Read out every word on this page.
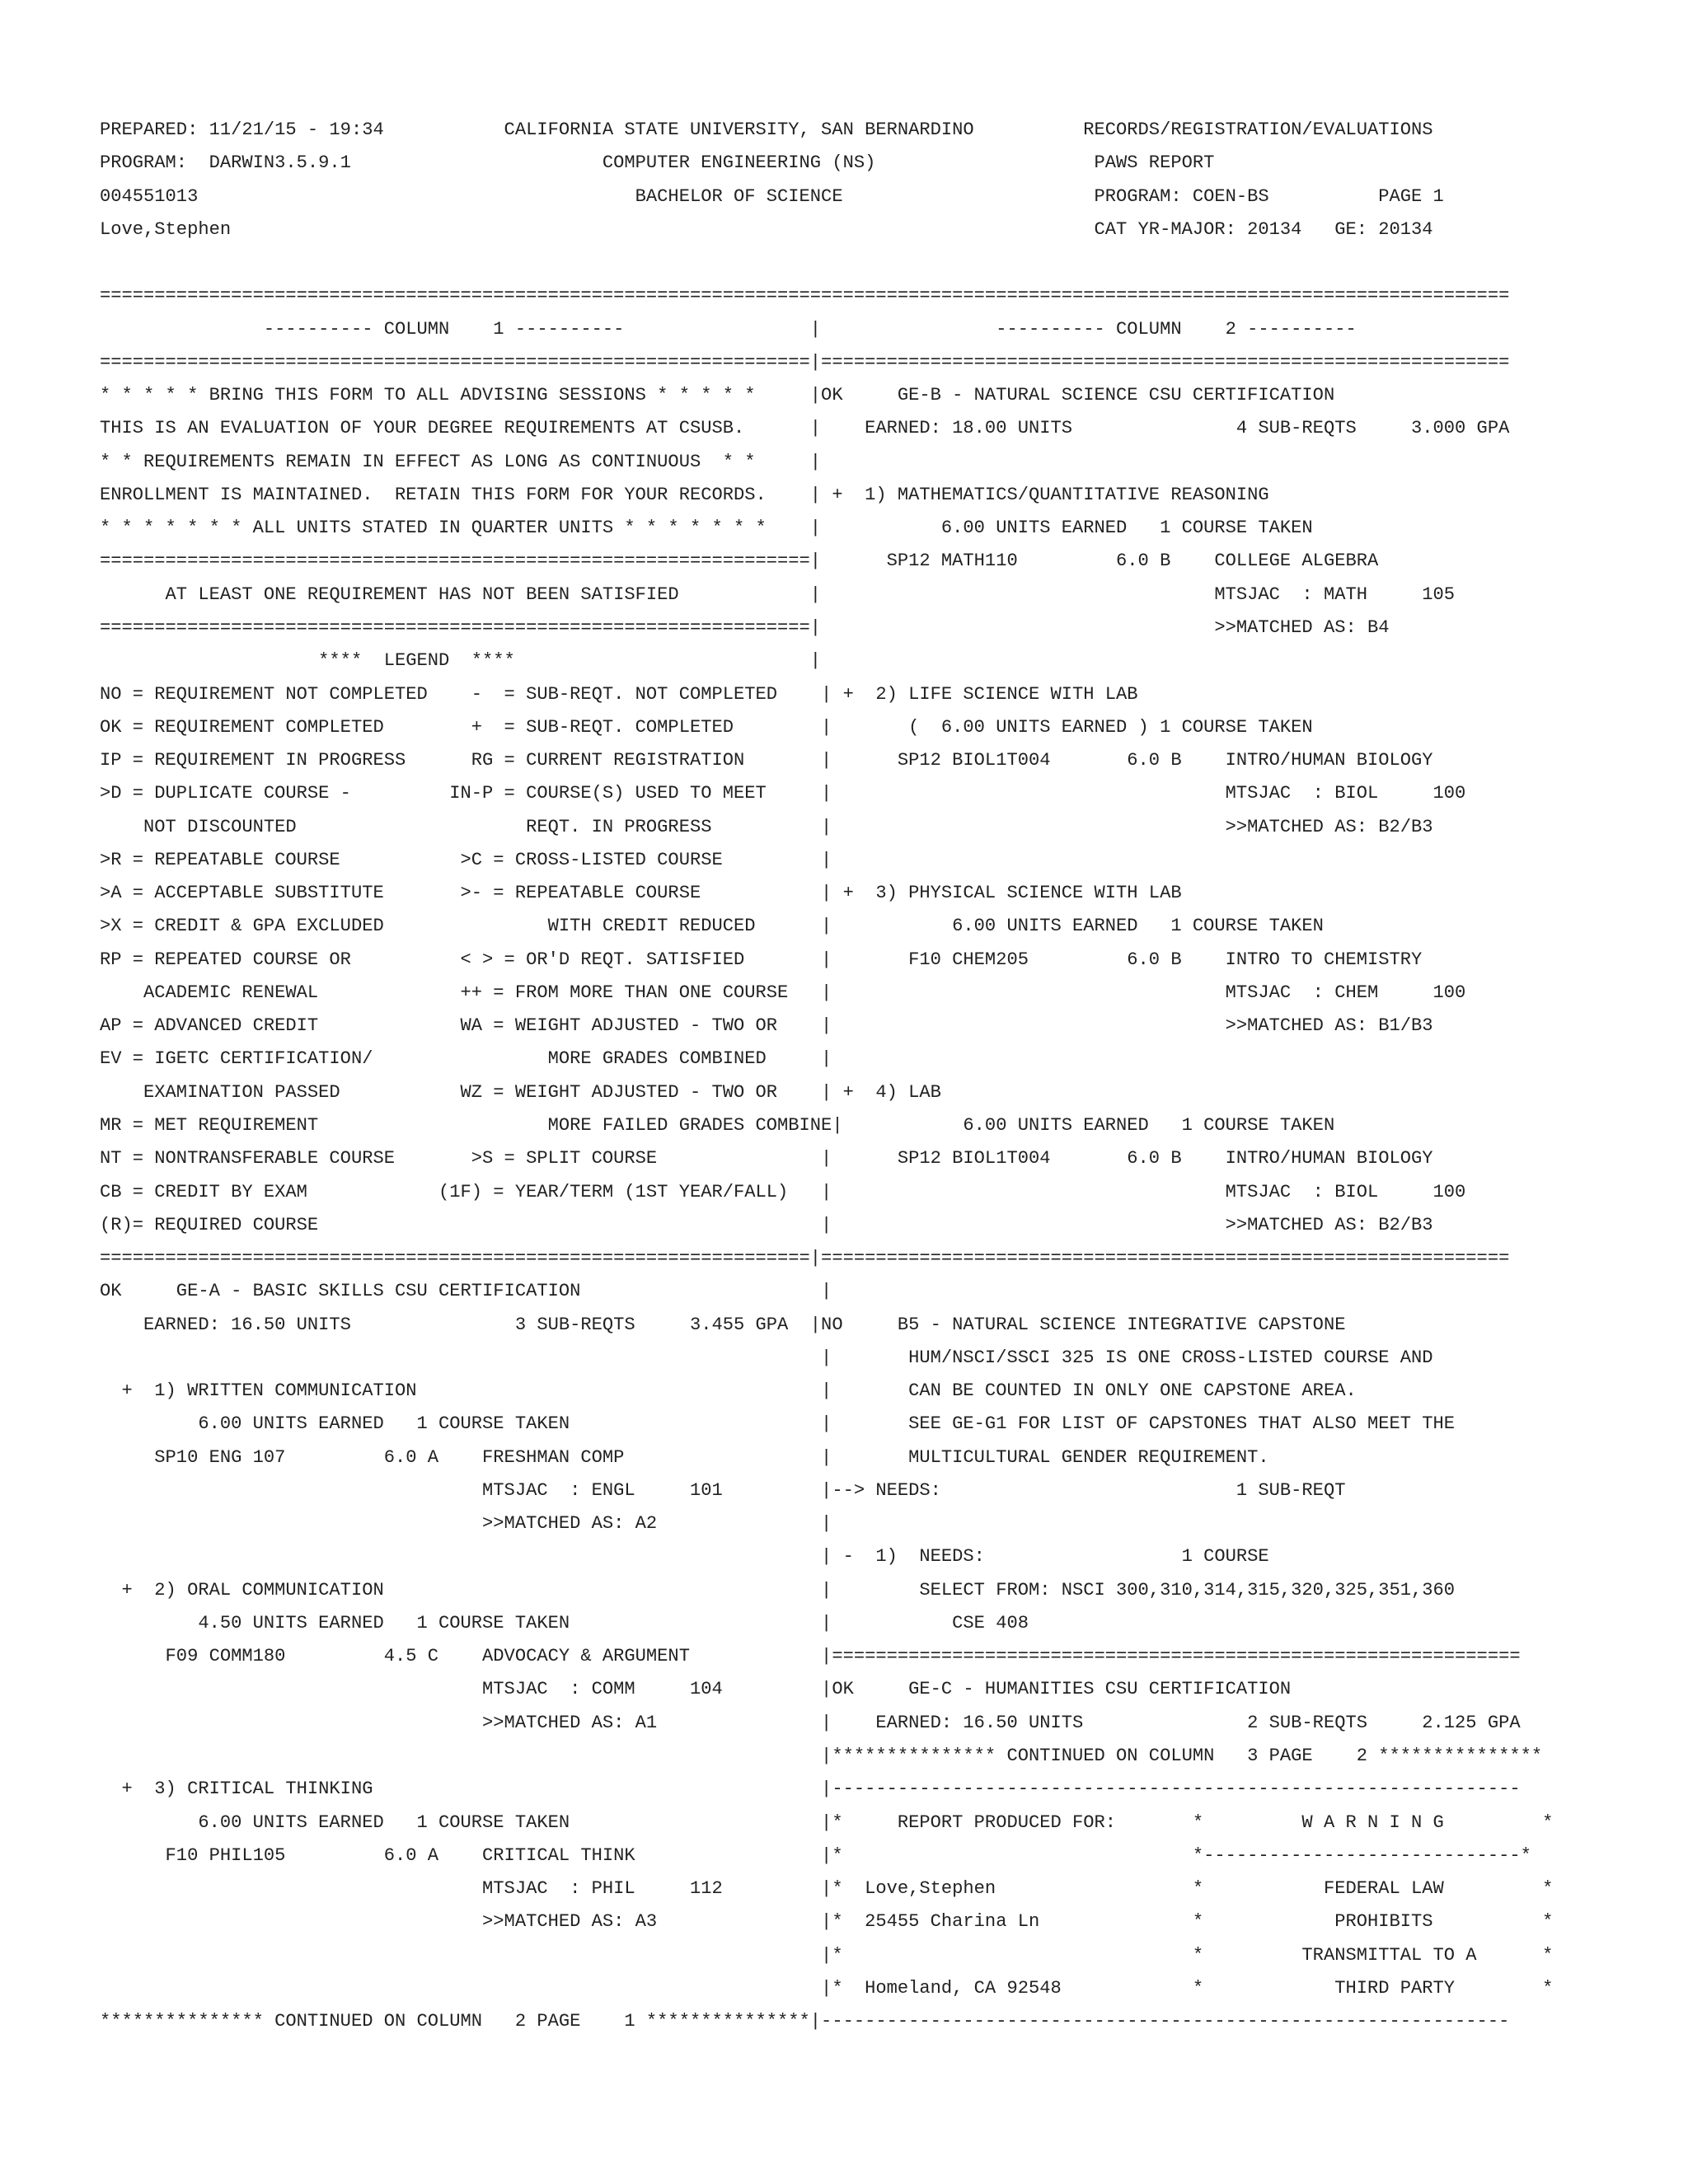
PREPARED: 11/21/15 - 19:34           CALIFORNIA STATE UNIVERSITY, SAN BERNARDINO          RECORDS/REGISTRATION/EVALUATIONS
PROGRAM:  DARWIN3.5.9.1                       COMPUTER ENGINEERING (NS)                    PAWS REPORT
004551013                                        BACHELOR OF SCIENCE                       PROGRAM: COEN-BS          PAGE 1
Love,Stephen                                                                               CAT YR-MAJOR: 20134   GE: 20134
=================================================================================================================================
---------- COLUMN    1 ----------                 |                ---------- COLUMN    2 ----------
=================================================================|===============================================================
* * * * * BRING THIS FORM TO ALL ADVISING SESSIONS * * * * *     |OK     GE-B - NATURAL SCIENCE CSU CERTIFICATION
THIS IS AN EVALUATION OF YOUR DEGREE REQUIREMENTS AT CSUSB.      |    EARNED: 18.00 UNITS               4 SUB-REQTS     3.000 GPA
* * REQUIREMENTS REMAIN IN EFFECT AS LONG AS CONTINUOUS  * *     |
ENROLLMENT IS MAINTAINED.  RETAIN THIS FORM FOR YOUR RECORDS.    | +  1) MATHEMATICS/QUANTITATIVE REASONING
* * * * * * * ALL UNITS STATED IN QUARTER UNITS * * * * * * *    |           6.00 UNITS EARNED   1 COURSE TAKEN
=================================================================|      SP12 MATH110         6.0 B    COLLEGE ALGEBRA
AT LEAST ONE REQUIREMENT HAS NOT BEEN SATISFIED            |                                    MTSJAC  : MATH     105
=================================================================|                                    >>MATCHED AS: B4
****  LEGEND  ****                           |
NO = REQUIREMENT NOT COMPLETED    -  = SUB-REQT. NOT COMPLETED    | +  2) LIFE SCIENCE WITH LAB
OK = REQUIREMENT COMPLETED        +  = SUB-REQT. COMPLETED        |       (  6.00 UNITS EARNED ) 1 COURSE TAKEN
IP = REQUIREMENT IN PROGRESS      RG = CURRENT REGISTRATION       |      SP12 BIOL1T004       6.0 B    INTRO/HUMAN BIOLOGY
>D = DUPLICATE COURSE -         IN-P = COURSE(S) USED TO MEET     |                                    MTSJAC  : BIOL     100
NOT DISCOUNTED                     REQT. IN PROGRESS          |                                    >>MATCHED AS: B2/B3
>R = REPEATABLE COURSE           >C = CROSS-LISTED COURSE         |
>A = ACCEPTABLE SUBSTITUTE       >- = REPEATABLE COURSE           | +  3) PHYSICAL SCIENCE WITH LAB
>X = CREDIT & GPA EXCLUDED               WITH CREDIT REDUCED      |           6.00 UNITS EARNED   1 COURSE TAKEN
RP = REPEATED COURSE OR          < > = OR'D REQT. SATISFIED       |       F10 CHEM205         6.0 B    INTRO TO CHEMISTRY
ACADEMIC RENEWAL             ++ = FROM MORE THAN ONE COURSE   |                                    MTSJAC  : CHEM     100
AP = ADVANCED CREDIT             WA = WEIGHT ADJUSTED - TWO OR    |                                    >>MATCHED AS: B1/B3
EV = IGETC CERTIFICATION/                MORE GRADES COMBINED     |
EXAMINATION PASSED           WZ = WEIGHT ADJUSTED - TWO OR    | +  4) LAB
MR = MET REQUIREMENT                     MORE FAILED GRADES COMBINE|           6.00 UNITS EARNED   1 COURSE TAKEN
NT = NONTRANSFERABLE COURSE       >S = SPLIT COURSE               |      SP12 BIOL1T004       6.0 B    INTRO/HUMAN BIOLOGY
CB = CREDIT BY EXAM            (1F) = YEAR/TERM (1ST YEAR/FALL)   |                                    MTSJAC  : BIOL     100
(R)= REQUIRED COURSE                                              |                                    >>MATCHED AS: B2/B3
=================================================================|===============================================================
OK     GE-A - BASIC SKILLS CSU CERTIFICATION                      |
EARNED: 16.50 UNITS               3 SUB-REQTS     3.455 GPA  |NO     B5 - NATURAL SCIENCE INTEGRATIVE CAPSTONE
|       HUM/NSCI/SSCI 325 IS ONE CROSS-LISTED COURSE AND
+  1) WRITTEN COMMUNICATION                                     |       CAN BE COUNTED IN ONLY ONE CAPSTONE AREA.
6.00 UNITS EARNED   1 COURSE TAKEN                       |       SEE GE-G1 FOR LIST OF CAPSTONES THAT ALSO MEET THE
SP10 ENG 107         6.0 A    FRESHMAN COMP                  |       MULTICULTURAL GENDER REQUIREMENT.
MTSJAC  : ENGL     101         |--> NEEDS:                           1 SUB-REQT
>>MATCHED AS: A2               |
| -  1)  NEEDS:                  1 COURSE
+  2) ORAL COMMUNICATION                                        |        SELECT FROM: NSCI 300,310,314,315,320,325,351,360
4.50 UNITS EARNED   1 COURSE TAKEN                       |           CSE 408
F09 COMM180         4.5 C    ADVOCACY & ARGUMENT            |===============================================================
MTSJAC  : COMM     104         |OK     GE-C - HUMANITIES CSU CERTIFICATION
>>MATCHED AS: A1               |    EARNED: 16.50 UNITS               2 SUB-REQTS     2.125 GPA
|*************** CONTINUED ON COLUMN   3 PAGE    2 ***************
+  3) CRITICAL THINKING                                         |---------------------------------------------------------------
6.00 UNITS EARNED   1 COURSE TAKEN                       |*     REPORT PRODUCED FOR:       *         W A R N I N G         *
F10 PHIL105         6.0 A    CRITICAL THINK                 |*                                *-----------------------------*
MTSJAC  : PHIL     112         |*  Love,Stephen                  *           FEDERAL LAW         *
>>MATCHED AS: A3               |*  25455 Charina Ln              *            PROHIBITS          *
|*                                *         TRANSMITTAL TO A      *
|*  Homeland, CA 92548            *            THIRD PARTY        *
*************** CONTINUED ON COLUMN   2 PAGE    1 ***************|---------------------------------------------------------------
